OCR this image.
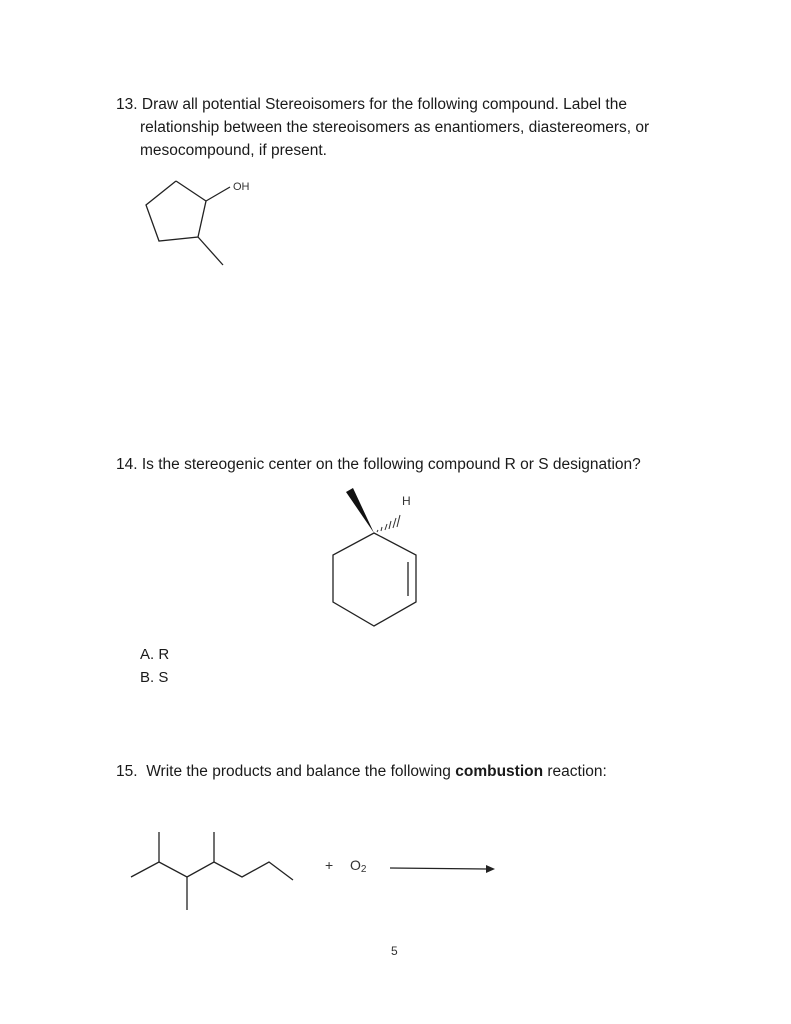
13. Draw all potential Stereoisomers for the following compound. Label the
relationship between the stereoisomers as enantiomers, diastereomers, or
mesocompound, if present.
OH
14. Is the stereogenic center on the following compound R or S designation?
H
A. R
B. S
15. Write the products and balance the following combustion reaction:
+ O2
5
